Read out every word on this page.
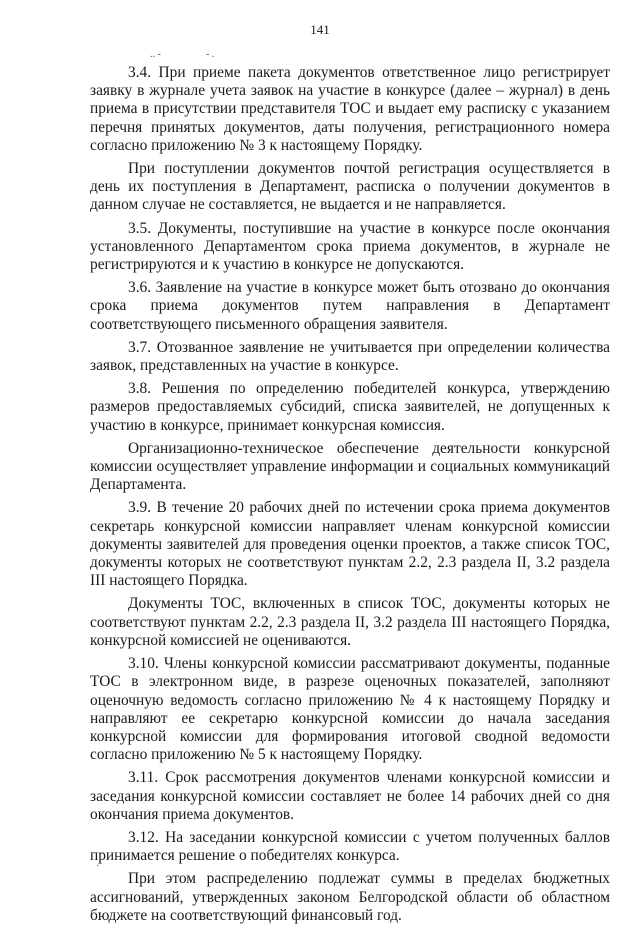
141
.. -	- .
·

3.4. При приеме пакета документов ответственное лицо регистрирует заявку в журнале учета заявок на участие в конкурсе (далее – журнал) в день приема в присутствии представителя ТОС и выдает ему расписку с указанием перечня принятых документов, даты получения, регистрационного номера согласно приложению № 3 к настоящему Порядку.

При поступлении документов почтой регистрация осуществляется в день их поступления в Департамент, расписка о получении документов в данном случае не составляется, не выдается и не направляется.

3.5. Документы, поступившие на участие в конкурсе после окончания установленного Департаментом срока приема документов, в журнале не регистрируются и к участию в конкурсе не допускаются.

3.6. Заявление на участие в конкурсе может быть отозвано до окончания срока приема документов путем направления в Департамент соответствующего письменного обращения заявителя.

3.7. Отозванное заявление не учитывается при определении количества заявок, представленных на участие в конкурсе.

3.8. Решения по определению победителей конкурса, утверждению размеров предоставляемых субсидий, списка заявителей, не допущенных к участию в конкурсе, принимает конкурсная комиссия.

Организационно-техническое обеспечение деятельности конкурсной комиссии осуществляет управление информации и социальных коммуникаций Департамента.

3.9. В течение 20 рабочих дней по истечении срока приема документов секретарь конкурсной комиссии направляет членам конкурсной комиссии документы заявителей для проведения оценки проектов, а также список ТОС, документы которых не соответствуют пунктам 2.2, 2.3 раздела II, 3.2 раздела III настоящего Порядка.

Документы ТОС, включенных в список ТОС, документы которых не соответствуют пунктам 2.2, 2.3 раздела II, 3.2 раздела III настоящего Порядка, конкурсной комиссией не оцениваются.

3.10. Члены конкурсной комиссии рассматривают документы, поданные ТОС в электронном виде, в разрезе оценочных показателей, заполняют оценочную ведомость согласно приложению № 4 к настоящему Порядку и направляют ее секретарю конкурсной комиссии до начала заседания конкурсной комиссии для формирования итоговой сводной ведомости согласно приложению № 5 к настоящему Порядку.

3.11. Срок рассмотрения документов членами конкурсной комиссии и заседания конкурсной комиссии составляет не более 14 рабочих дней со дня окончания приема документов.

3.12. На заседании конкурсной комиссии с учетом полученных баллов принимается решение о победителях конкурса.

При этом распределению подлежат суммы в пределах бюджетных ассигнований, утвержденных законом Белгородской области об областном бюджете на соответствующий финансовый год.
